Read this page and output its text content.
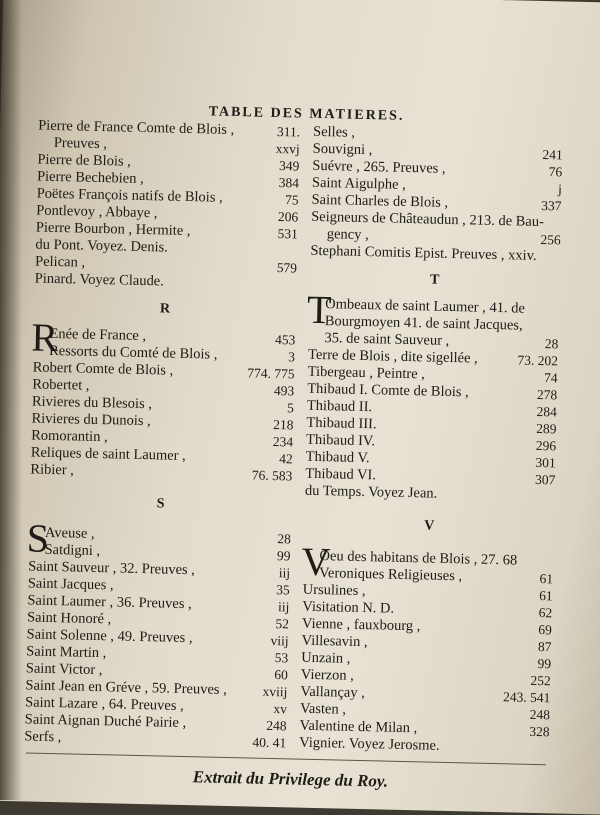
TABLE DES MATIERES.
Pierre de France Comte de Blois ,	311.
Preuves ,	xxvj
Pierre de Blois ,	349
Pierre Bechebien ,	384
Poëtes François natifs de Blois ,	75
Pontlevoy , Abbaye ,	206
Pierre Bourbon , Hermite ,	531
du Pont. Voyez. Denis.
Pelican ,	579
Pinard. Voyez Claude.
R
R
Enée de France ,	453
Ressorts du Comté de Blois ,	3
Robert Comte de Blois ,	774. 775
Robertet ,	493
Rivieres du Blesois ,	5
Rivieres du Dunois ,	218
Romorantin ,	234
Reliques de saint Laumer ,	42
Ribier ,	76. 583
S
S
Aveuse ,	28
Satdigni ,	99
Saint Sauveur , 32. Preuves ,	iij
Saint Jacques ,	35
Saint Laumer , 36. Preuves ,	iij
Saint Honoré ,	52
Saint Solenne , 49. Preuves ,	viij
Saint Martin ,	53
Saint Victor ,	60
Saint Jean en Gréve , 59. Preuves ,	xviij
Saint Lazare , 64. Preuves ,	xv
Saint Aignan Duché Pairie ,	248
Serfs ,	40. 41
Selles ,
Souvigni ,	241
Suévre , 265. Preuves ,	76
Saint Aigulphe ,	j
Saint Charles de Blois ,	337
Seigneurs de Châteaudun , 213. de Bau-
gency ,	256
Stephani Comitis Epist. Preuves , xxiv.
T
T
Ombeaux de saint Laumer , 41. de
Bourgmoyen 41. de saint Jacques,
35. de saint Sauveur ,	28
Terre de Blois , dite sigellée ,	73. 202
Tibergeau , Peintre ,	74
Thibaud I. Comte de Blois ,	278
Thibaud II.	284
Thibaud III.	289
Thibaud IV.	296
Thibaud V.	301
Thibaud VI.	307
du Temps. Voyez Jean.
V
V
Oeu des habitans de Blois , 27. 68
Veroniques Religieuses ,	61
Ursulines ,	61
Visitation N. D.	62
Vienne , fauxbourg ,	69
Villesavin ,	87
Unzain ,	99
Vierzon ,	252
Vallançay ,	243. 541
Vasten ,	248
Valentine de Milan ,	328
Vignier. Voyez Jerosme.
Extrait du Privilege du Roy.
